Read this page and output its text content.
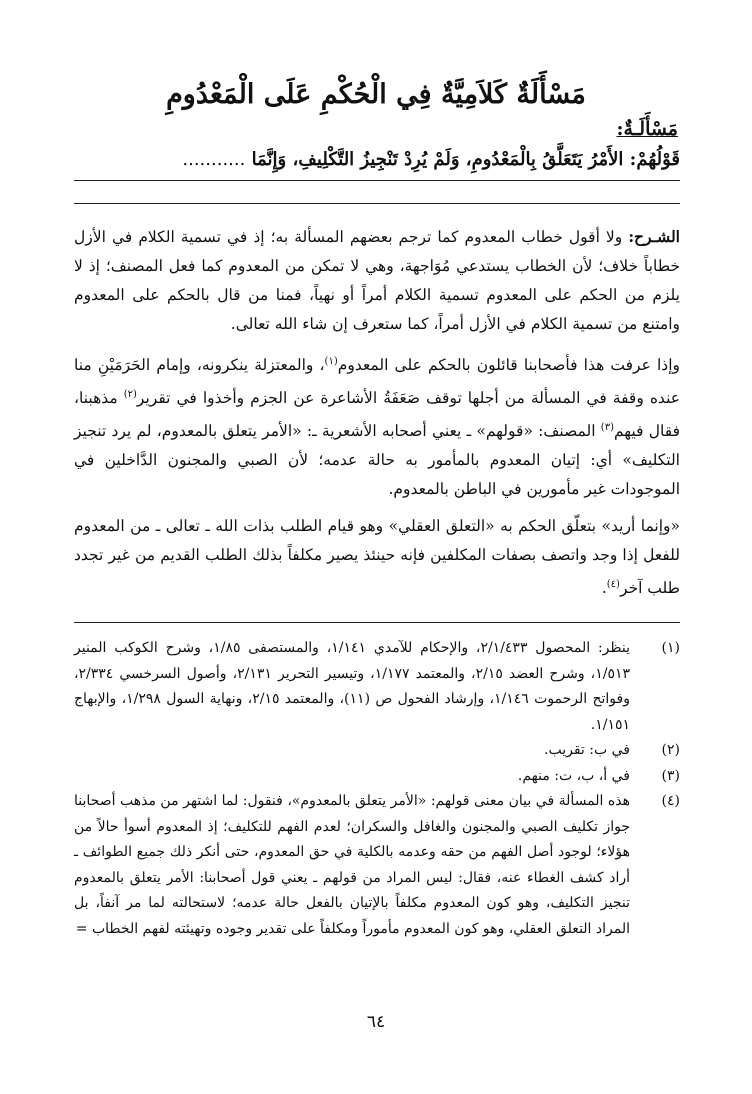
مَسْأَلَةٌ كَلاَمِيَّةٌ فِي الْحُكْمِ عَلَى الْمَعْدُومِ
مَسْأَلَـةٌ:
قَوْلُهُمْ: الأَمْرُ يَتَعَلَّقُ بِالْمَعْدُومِ، وَلَمْ يُرِدْ تَنْجِيزُ التَّكْلِيفِ، وَإِنَّمَا ...........

الشـرح: ولا أقول خطاب المعدوم كما ترجم بعضهم المسألة به؛ إذ في تسمية الكلام في الأزل خطاباً خلاف؛ لأن الخطاب يستدعي مُوَاجهة، وهي لا تمكن من المعدوم كما فعل المصنف؛ إذ لا يلزم من الحكم على المعدوم تسمية الكلام أمراً أو نهياً، فمنا من قال بالحكم على المعدوم وامتنع من تسمية الكلام في الأزل أمراً، كما ستعرف إن شاء الله تعالى.

وإذا عرفت هذا فأصحابنا قائلون بالحكم على المعدوم$^{(١)}$، والمعتزلة ينكرونه، وإمام الحَرَمَيْنِ منا عنده وقفة في المسألة من أجلها توقف صَعَفَةُ الأشاعرة عن الجزم وأخذوا في تقرير$^{(٢)}$ مذهبنا، فقال فيهم$^{(٣)}$ المصنف: «قولهم» ـ يعني أصحابه الأشعرية ـ: «الأمر يتعلق بالمعدوم، لم يرد تنجيز التكليف» أي: إتيان المعدوم بالمأمور به حالة عدمه؛ لأن الصبي والمجنون الدَّاخلين في الموجودات غير مأمورين في الباطن بالمعدوم.

«وإنما أريد» بتعلّق الحكم به «التعلق العقلي» وهو قيام الطلب بذات الله ـ تعالى ـ من المعدوم للفعل إذا وجد واتصف بصفات المكلفين فإنه حينئذ يصير مكلفاً بذلك الطلب القديم من غير تجدد طلب آخر$^{(٤)}$.

(١)
ينظر: المحصول ٢/١/٤٣٣، والإحكام للآمدي ١/١٤١، والمستصفى ١/٨٥، وشرح الكوكب المنير ١/٥١٣، وشرح العضد ٢/١٥، والمعتمد ١/١٧٧، وتيسير التحرير ٢/١٣١، وأصول السرخسي ٢/٣٣٤، وفواتح الرحموت ١/١٤٦، وإرشاد الفحول ص (١١)، والمعتمد ٢/١٥، ونهاية السول ١/٢٩٨، والإبهاج ١/١٥١.
(٢)
في ب: تقريب.
(٣)
في أ، ب، ت: منهم.
(٤)
هذه المسألة في بيان معنى قولهم: «الأمر يتعلق بالمعدوم»، فنقول: لما اشتهر من مذهب أصحابنا جواز تكليف الصبي والمجنون والغافل والسكران؛ لعدم الفهم للتكليف؛ إذ المعدوم أسوأ حالاً من هؤلاء؛ لوجود أصل الفهم من حقه وعدمه بالكلية في حق المعدوم، حتى أنكر ذلك جميع الطوائف ـ أراد كشف الغطاء عنه، فقال: ليس المراد من قولهم ـ يعني قول أصحابنا: الأمر يتعلق بالمعدوم تنجيز التكليف، وهو كون المعدوم مكلفاً بالإتيان بالفعل حالة عدمه؛ لاستحالته لما مر آنفاً، بل المراد التعلق العقلي، وهو كون المعدوم مأموراً ومكلفاً على تقدير وجوده وتهيئته لفهم الخطاب =
٦٤
